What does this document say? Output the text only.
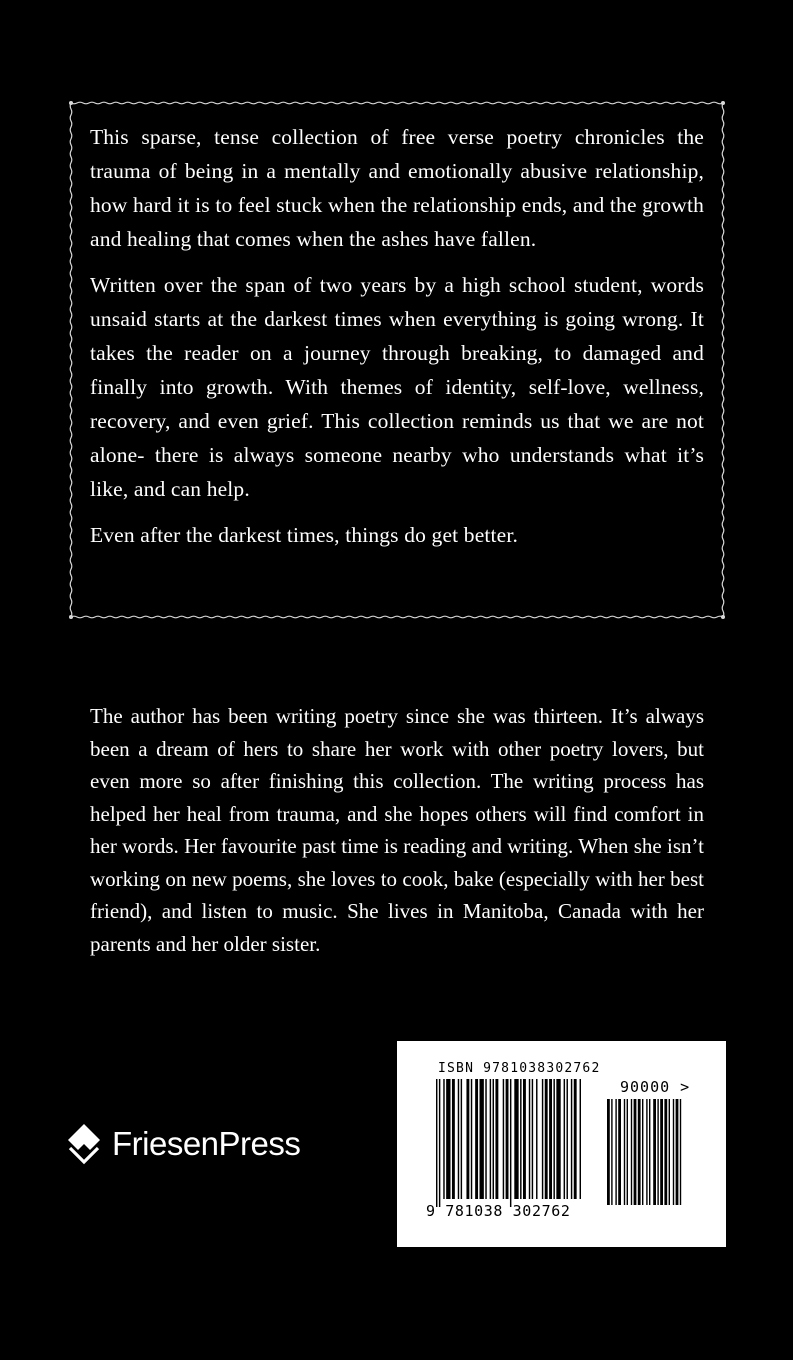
This sparse, tense collection of free verse poetry chronicles the trauma of being in a mentally and emotionally abusive relationship, how hard it is to feel stuck when the relationship ends, and the growth and healing that comes when the ashes have fallen.

Written over the span of two years by a high school student, words unsaid starts at the darkest times when everything is going wrong. It takes the reader on a journey through breaking, to damaged and finally into growth. With themes of identity, self-love, wellness, recovery, and even grief. This collection reminds us that we are not alone- there is always someone nearby who understands what it’s like, and can help.

Even after the darkest times, things do get better.

The author has been writing poetry since she was thirteen. It’s always been a dream of hers to share her work with other poetry lovers, but even more so after finishing this collection. The writing process has helped her heal from trauma, and she hopes others will find comfort in her words. Her favourite past time is reading and writing. When she isn’t working on new poems, she loves to cook, bake (especially with her best friend), and listen to music. She lives in Manitoba, Canada with her parents and her older sister.

FriesenPress
ISBN 9781038302762
90000 >
9 781038 302762
